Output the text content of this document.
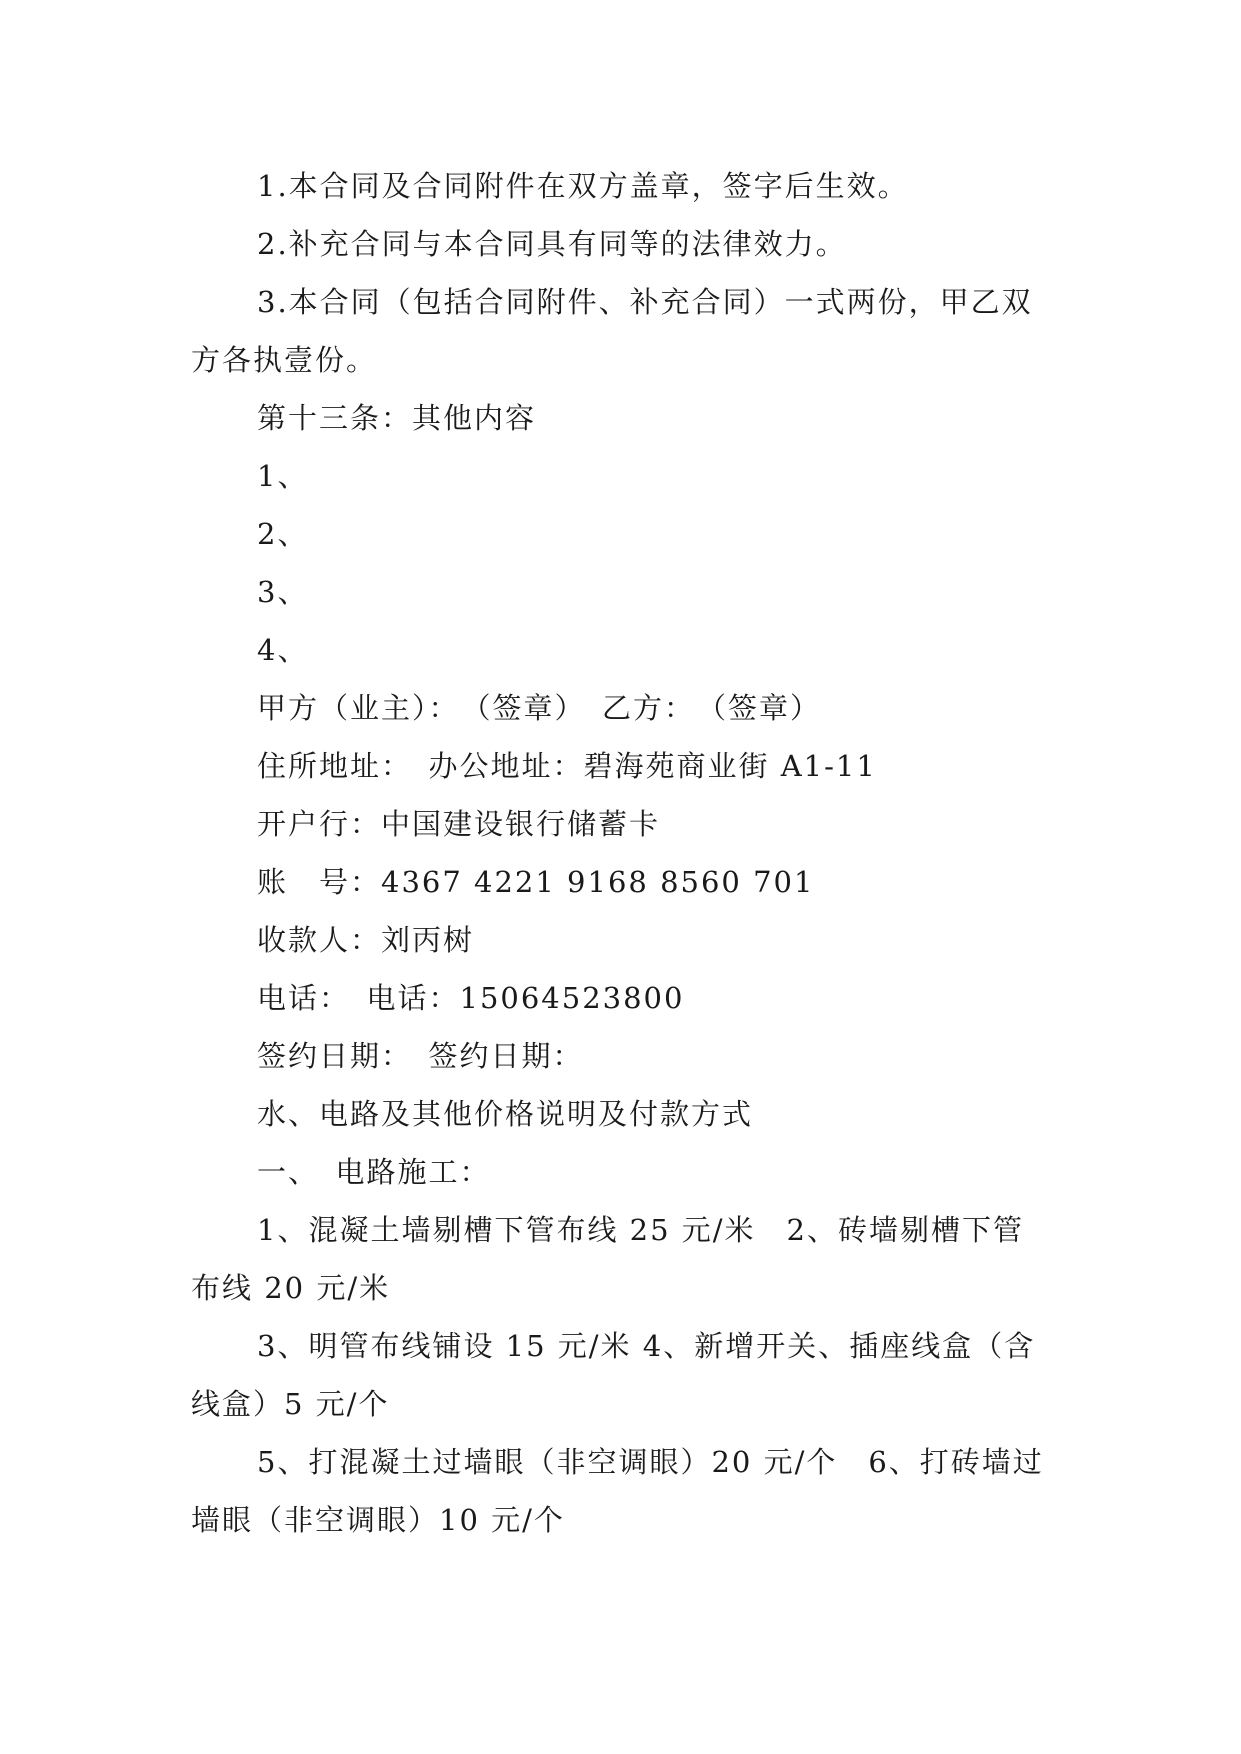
1.本合同及合同附件在双方盖章，签字后生效。

2.补充合同与本合同具有同等的法律效力。

3.本合同（包括合同附件、补充合同）一式两份，甲乙双方各执壹份。

第十三条：其他内容

1、

2、

3、

4、

甲方（业主）：　（签章）　乙方：　（签章）

住所地址：　办公地址：碧海苑商业街 A1-11

开户行：中国建设银行储蓄卡

账　号：4367 4221 9168 8560 701

收款人：刘丙树

电话：　电话：15064523800

签约日期：　签约日期：

水、电路及其他价格说明及付款方式

一、　电路施工：

1、混凝土墙剔槽下管布线 25 元/米　2、砖墙剔槽下管布线 20 元/米

3、明管布线铺设 15 元/米 4、新增开关、插座线盒（含线盒）5 元/个

5、打混凝土过墙眼（非空调眼）20 元/个　6、打砖墙过墙眼（非空调眼）10 元/个
